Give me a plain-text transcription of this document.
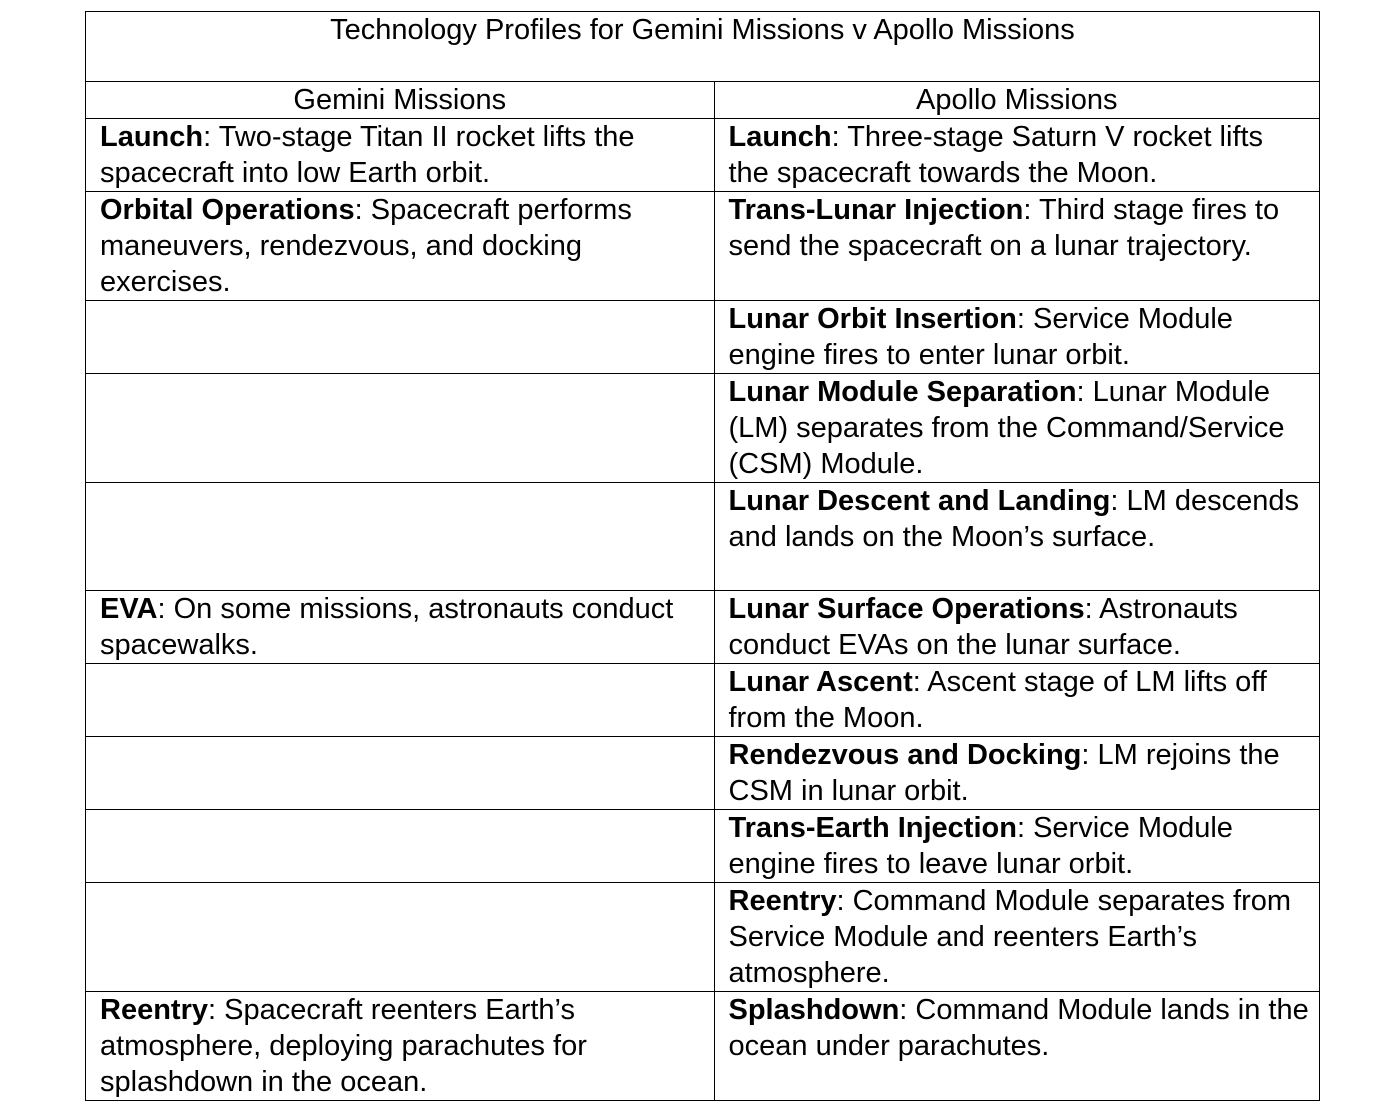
Technology Profiles for Gemini Missions v Apollo Missions	
Gemini Missions	Apollo Missions
Launch: Two-stage Titan II rocket lifts the spacecraft into low Earth orbit.	Launch: Three-stage Saturn V rocket lifts the spacecraft towards the Moon.
Orbital Operations: Spacecraft performs maneuvers, rendezvous, and docking exercises.	Trans-Lunar Injection: Third stage fires to send the spacecraft on a lunar trajectory.
	Lunar Orbit Insertion: Service Module engine fires to enter lunar orbit.
	Lunar Module Separation: Lunar Module (LM) separates from the Command/Service (CSM) Module.
	Lunar Descent and Landing: LM descends and lands on the Moon’s surface.
EVA: On some missions, astronauts conduct spacewalks.	Lunar Surface Operations: Astronauts conduct EVAs on the lunar surface.
	Lunar Ascent: Ascent stage of LM lifts off from the Moon.
	Rendezvous and Docking: LM rejoins the CSM in lunar orbit.
	Trans-Earth Injection: Service Module engine fires to leave lunar orbit.
	Reentry: Command Module separates from Service Module and reenters Earth’s atmosphere.
Reentry: Spacecraft reenters Earth’s atmosphere, deploying parachutes for splashdown in the ocean.	Splashdown: Command Module lands in the ocean under parachutes.
